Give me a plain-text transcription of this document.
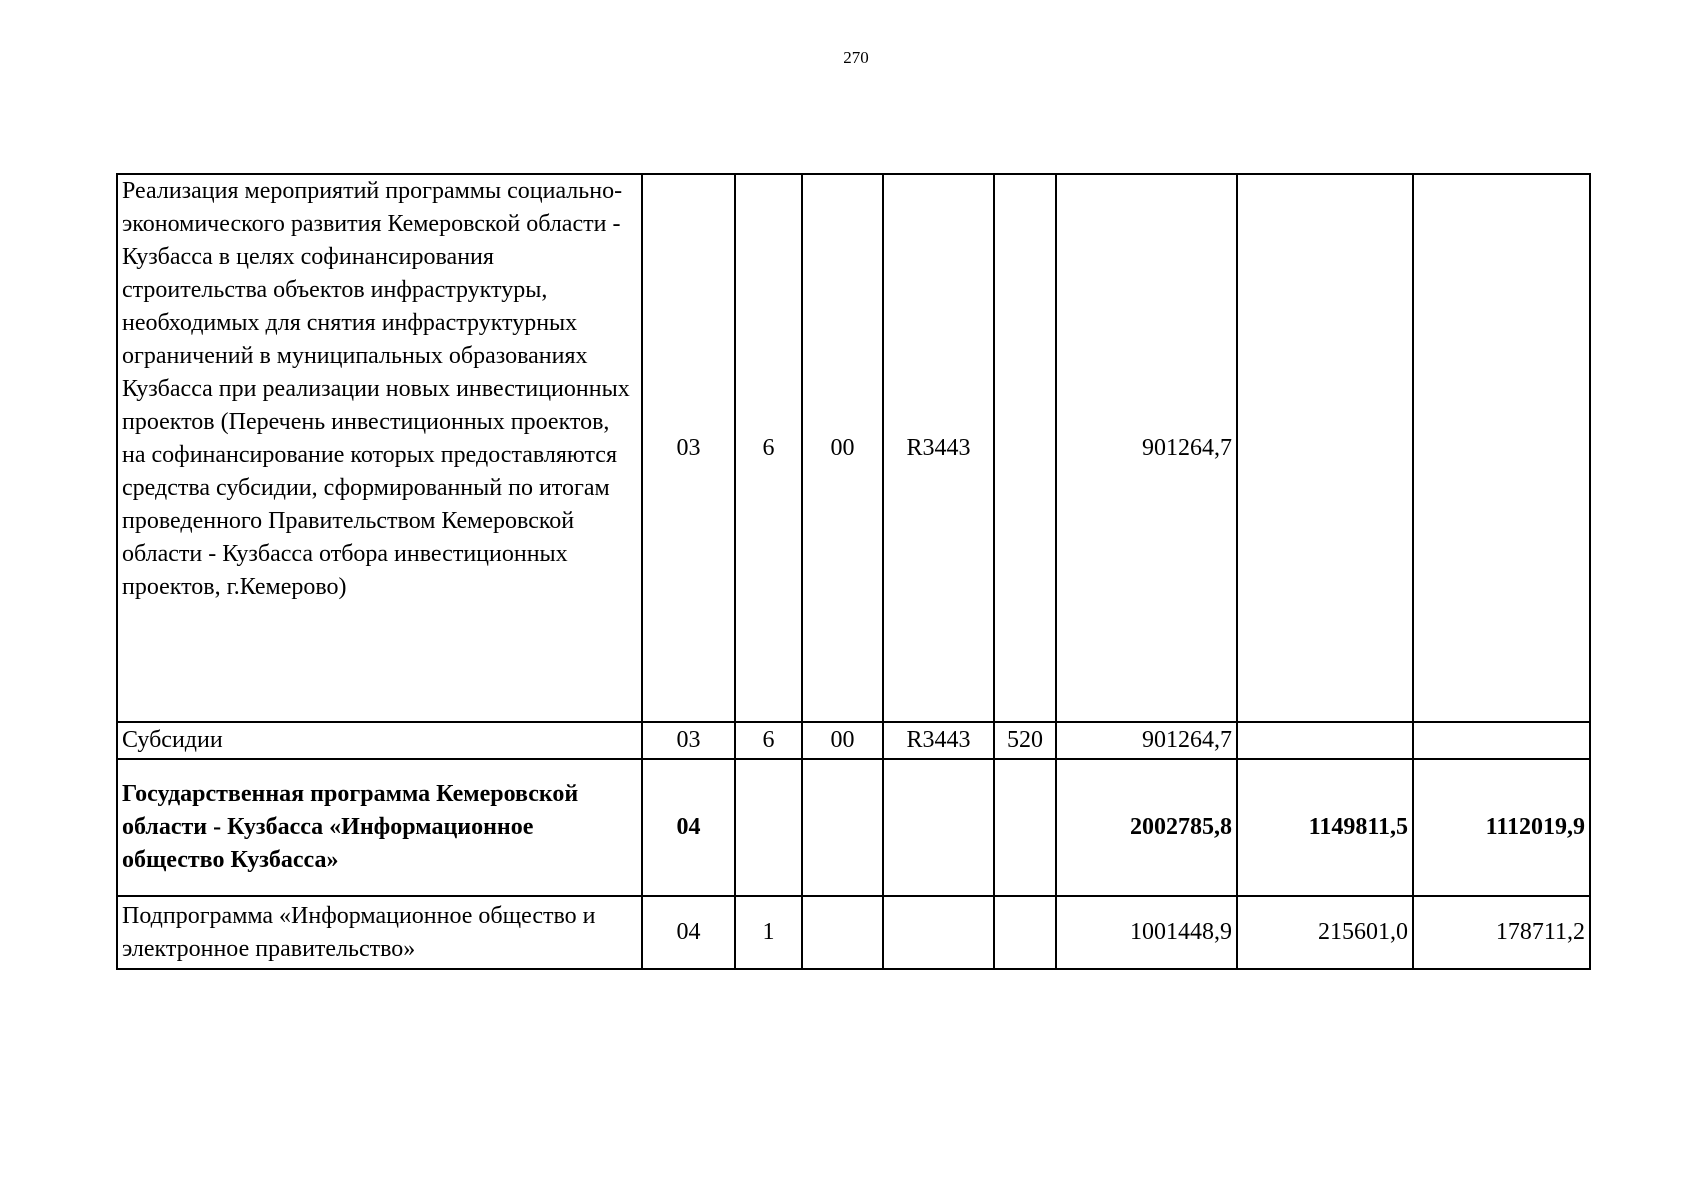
270
Реализация мероприятий программы социально-экономического развития Кемеровской области - Кузбасса в целях софинансирования строительства объектов инфраструктуры, необходимых для снятия инфраструктурных ограничений в муниципальных образованиях Кузбасса при реализации новых инвестиционных проектов (Перечень инвестиционных проектов, на софинансирование которых предоставляются средства субсидии, сформированный по итогам проведенного Правительством Кемеровской области - Кузбасса отбора инвестиционных проектов, г.Кемерово)	03	6	00	R3443		901264,7		
Субсидии	03	6	00	R3443	520	901264,7		
Государственная программа Кемеровской области - Кузбасса «Информационное общество Кузбасса»	04					2002785,8	1149811,5	1112019,9
Подпрограмма «Информационное общество и электронное правительство»	04	1				1001448,9	215601,0	178711,2
